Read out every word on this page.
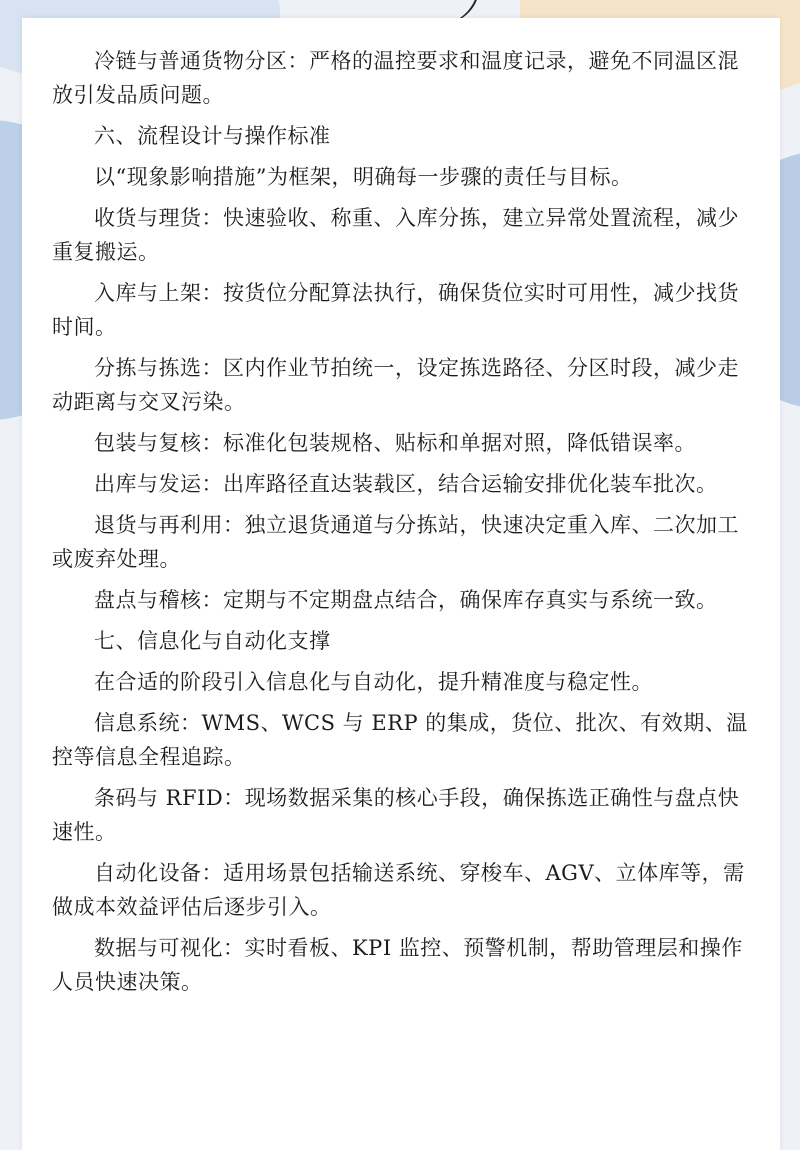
冷链与普通货物分区：严格的温控要求和温度记录，避免不同温区混放引发品质问题。

六、流程设计与操作标准

以“现象影响措施”为框架，明确每一步骤的责任与目标。

收货与理货：快速验收、称重、入库分拣，建立异常处置流程，减少重复搬运。

入库与上架：按货位分配算法执行，确保货位实时可用性，减少找货时间。

分拣与拣选：区内作业节拍统一，设定拣选路径、分区时段，减少走动距离与交叉污染。

包装与复核：标准化包装规格、贴标和单据对照，降低错误率。

出库与发运：出库路径直达装载区，结合运输安排优化装车批次。

退货与再利用：独立退货通道与分拣站，快速决定重入库、二次加工或废弃处理。

盘点与稽核：定期与不定期盘点结合，确保库存真实与系统一致。

七、信息化与自动化支撑

在合适的阶段引入信息化与自动化，提升精准度与稳定性。

信息系统：WMS、WCS 与 ERP 的集成，货位、批次、有效期、温控等信息全程追踪。

条码与 RFID：现场数据采集的核心手段，确保拣选正确性与盘点快速性。

自动化设备：适用场景包括输送系统、穿梭车、AGV、立体库等，需做成本效益评估后逐步引入。

数据与可视化：实时看板、KPI 监控、预警机制，帮助管理层和操作人员快速决策。
